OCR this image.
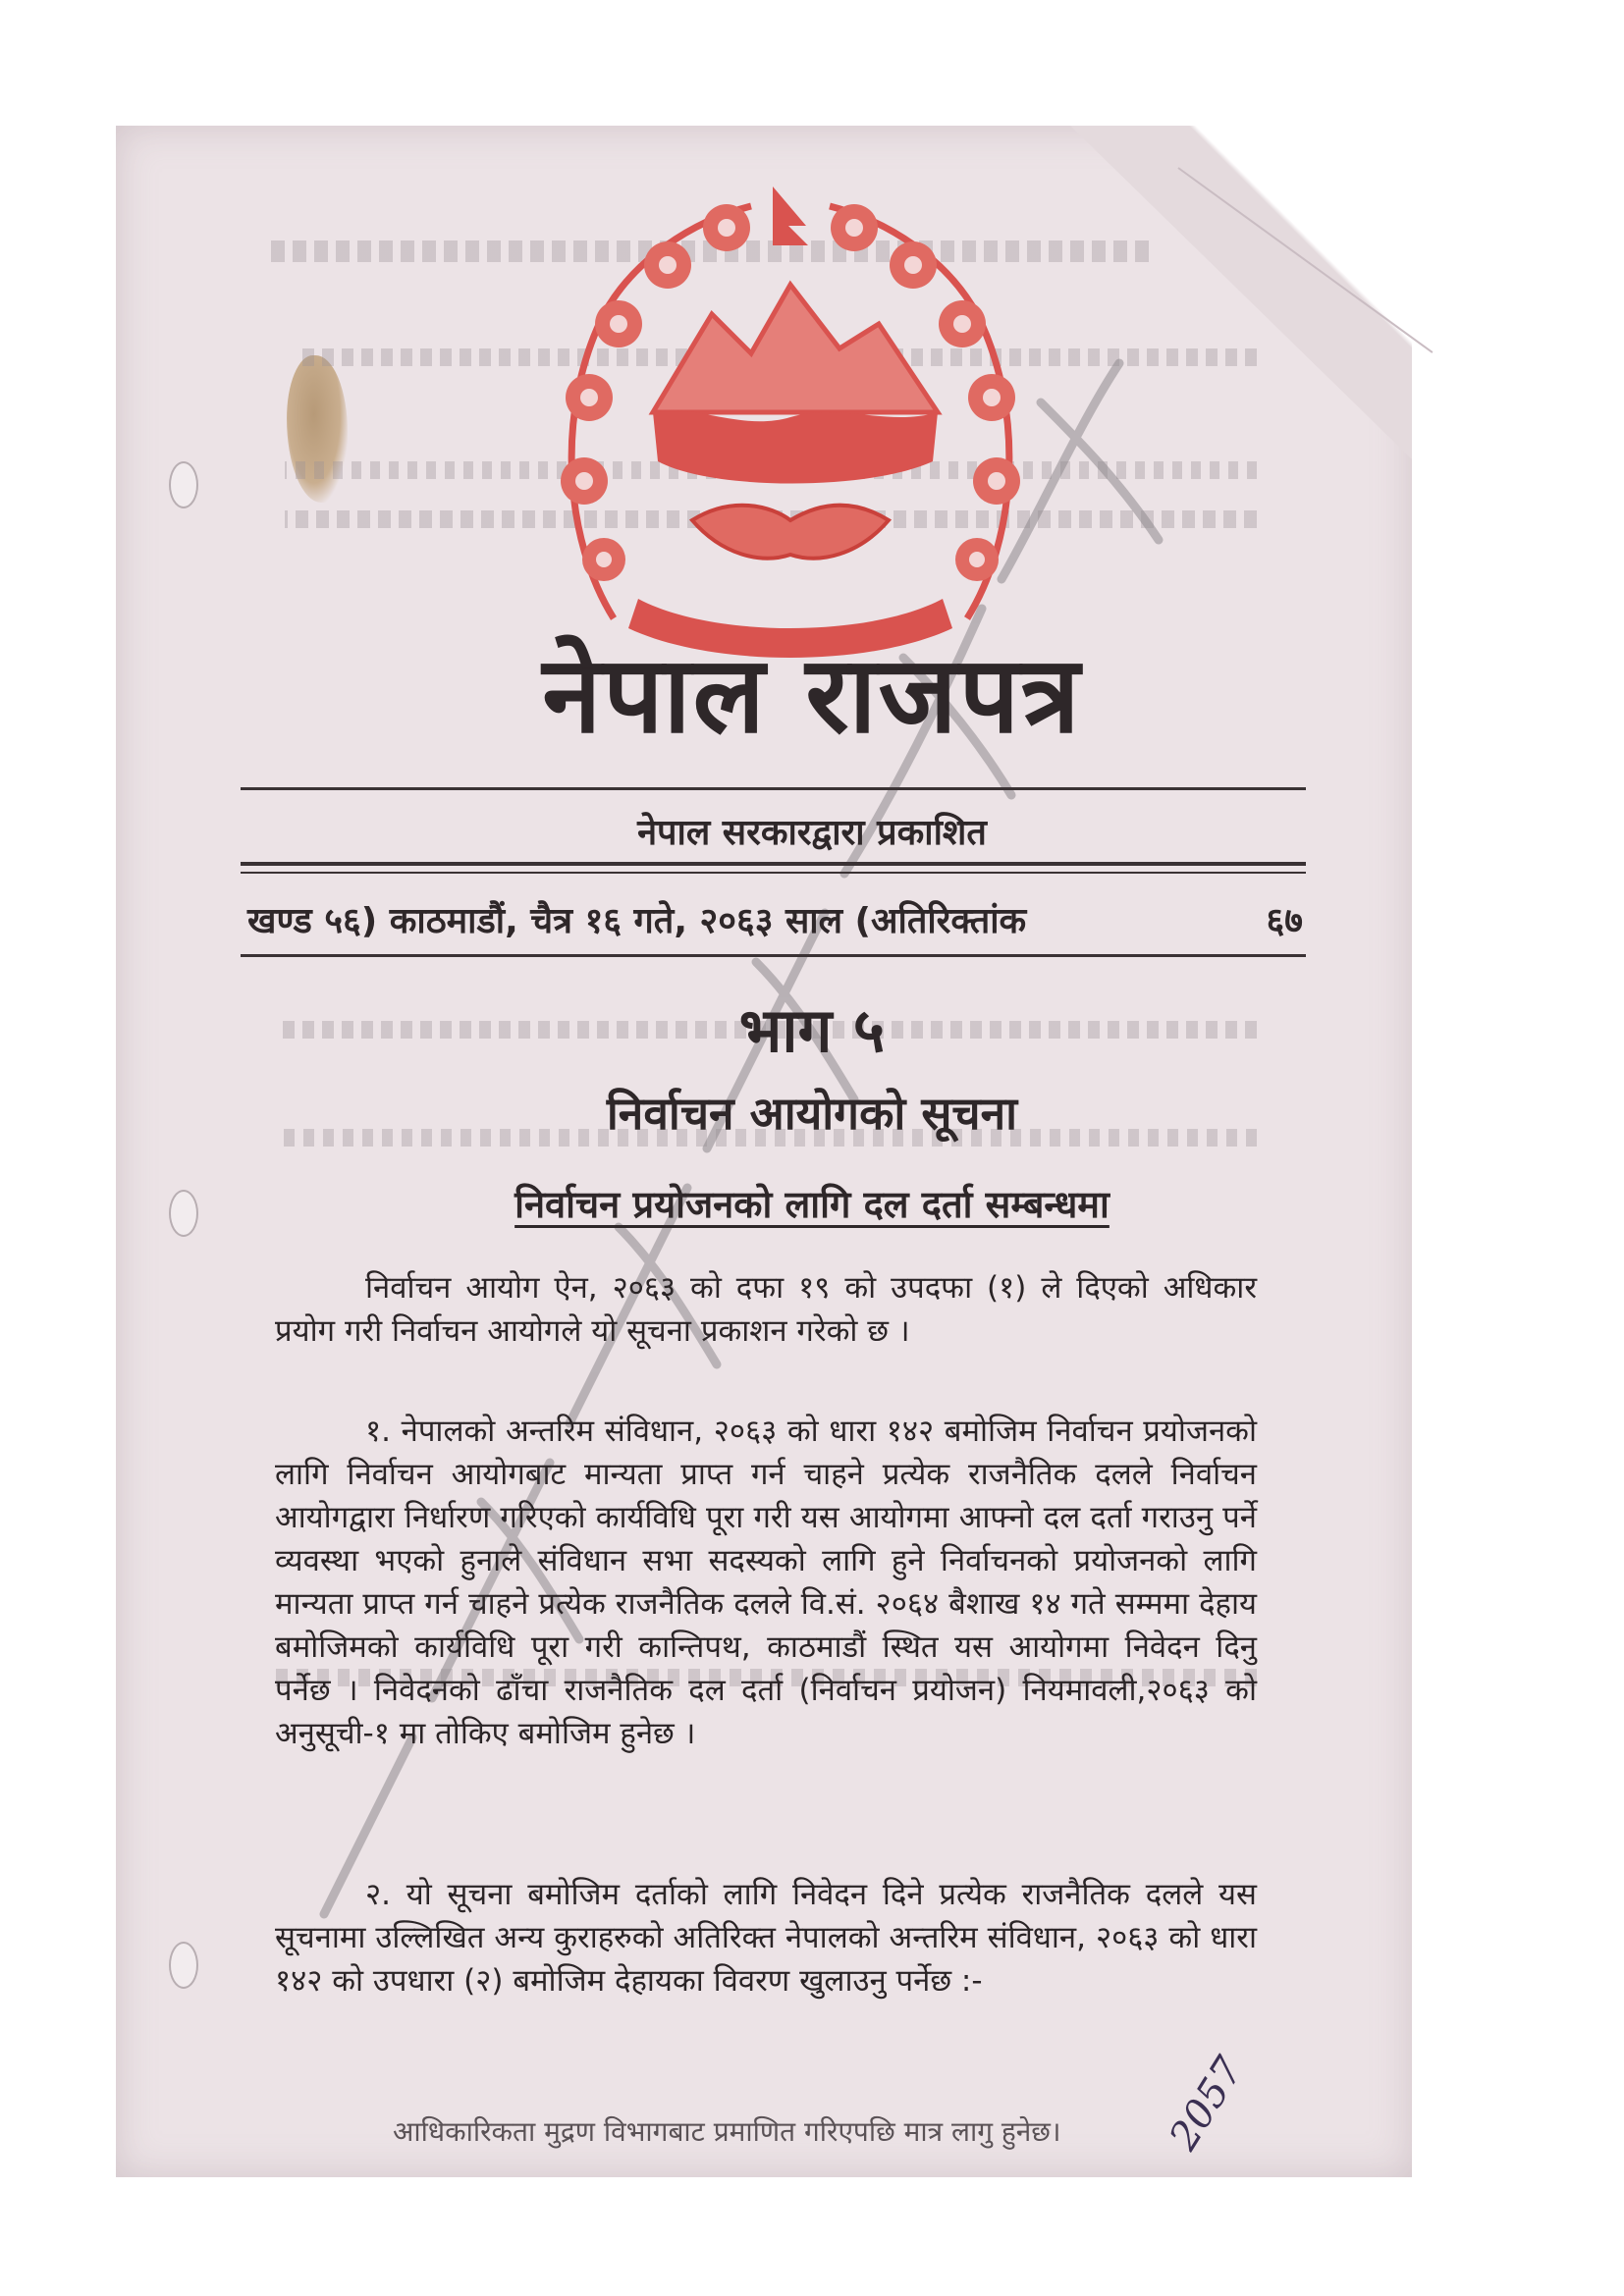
नेपाल राजपत्र
नेपाल सरकारद्वारा प्रकाशित
खण्ड ५६) काठमाडौं, चैत्र १६ गते, २०६३ साल (अतिरिक्तांक	६७
भाग ५
निर्वाचन आयोगको सूचना
निर्वाचन प्रयोजनको लागि दल दर्ता सम्बन्धमा

निर्वाचन आयोग ऐन, २०६३ को दफा १९ को उपदफा (१) ले दिएको अधिकार प्रयोग गरी निर्वाचन आयोगले यो सूचना प्रकाशन गरेको छ ।

१. नेपालको अन्तरिम संविधान, २०६३ को धारा १४२ बमोजिम निर्वाचन प्रयोजनको लागि निर्वाचन आयोगबाट मान्यता प्राप्त गर्न चाहने प्रत्येक राजनैतिक दलले निर्वाचन आयोगद्वारा निर्धारण गरिएको कार्यविधि पूरा गरी यस आयोगमा आफ्नो दल दर्ता गराउनु पर्ने व्यवस्था भएको हुनाले संविधान सभा सदस्यको लागि हुने निर्वाचनको प्रयोजनको लागि मान्यता प्राप्त गर्न चाहने प्रत्येक राजनैतिक दलले वि.सं. २०६४ बैशाख १४ गते सम्ममा देहाय बमोजिमको कार्यविधि पूरा गरी कान्तिपथ, काठमाडौं स्थित यस आयोगमा निवेदन दिनु पर्नेछ । निवेदनको ढाँचा राजनैतिक दल दर्ता (निर्वाचन प्रयोजन) नियमावली,२०६३ को अनुसूची-१ मा तोकिए बमोजिम हुनेछ ।

२. यो सूचना बमोजिम दर्ताको लागि निवेदन दिने प्रत्येक राजनैतिक दलले यस सूचनामा उल्लिखित अन्य कुराहरुको अतिरिक्त नेपालको अन्तरिम संविधान, २०६३ को धारा १४२ को उपधारा (२) बमोजिम देहायका विवरण खुलाउनु पर्नेछ :-

आधिकारिकता मुद्रण विभागबाट प्रमाणित गरिएपछि मात्र लागु हुनेछ।	2057
